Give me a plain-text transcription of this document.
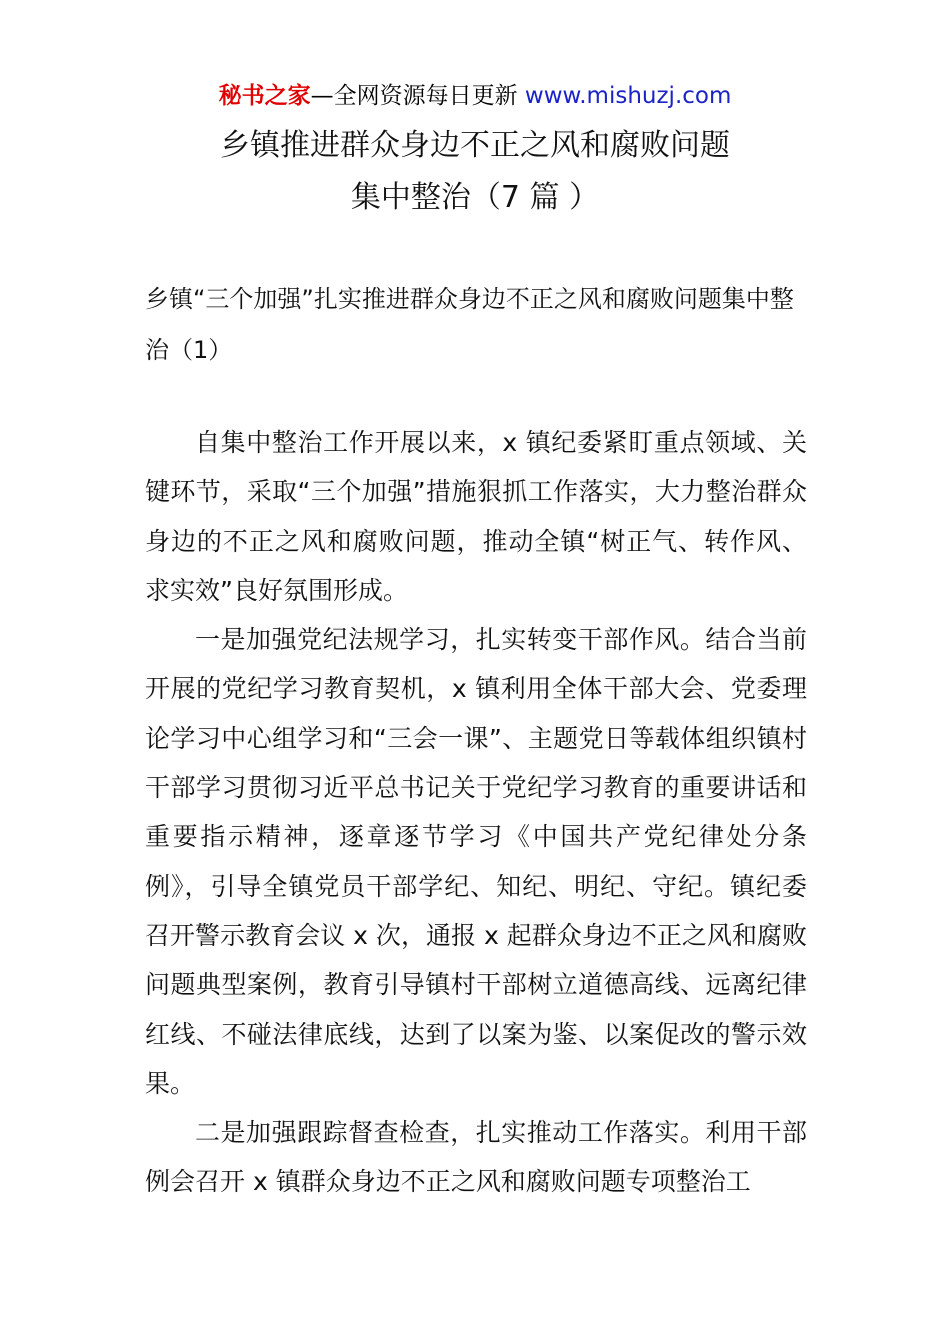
秘书之家—全网资源每日更新 www.mishuzj.com
乡镇推进群众身边不正之风和腐败问题
集中整治（7 篇 ）
乡镇“三个加强”扎实推进群众身边不正之风和腐败问题集中整治（1）

自集中整治工作开展以来，x 镇纪委紧盯重点领域、关键环节，采取“三个加强”措施狠抓工作落实，大力整治群众身边的不正之风和腐败问题，推动全镇“树正气、转作风、求实效”良好氛围形成。

一是加强党纪法规学习，扎实转变干部作风。结合当前开展的党纪学习教育契机，x 镇利用全体干部大会、党委理论学习中心组学习和“三会一课”、主题党日等载体组织镇村干部学习贯彻习近平总书记关于党纪学习教育的重要讲话和重要指示精神，逐章逐节学习《中国共产党纪律处分条例》，引导全镇党员干部学纪、知纪、明纪、守纪。镇纪委召开警示教育会议 x 次，通报 x 起群众身边不正之风和腐败问题典型案例，教育引导镇村干部树立道德高线、远离纪律红线、不碰法律底线，达到了以案为鉴、以案促改的警示效果。

二是加强跟踪督查检查，扎实推动工作落实。利用干部例会召开 x 镇群众身边不正之风和腐败问题专项整治工
